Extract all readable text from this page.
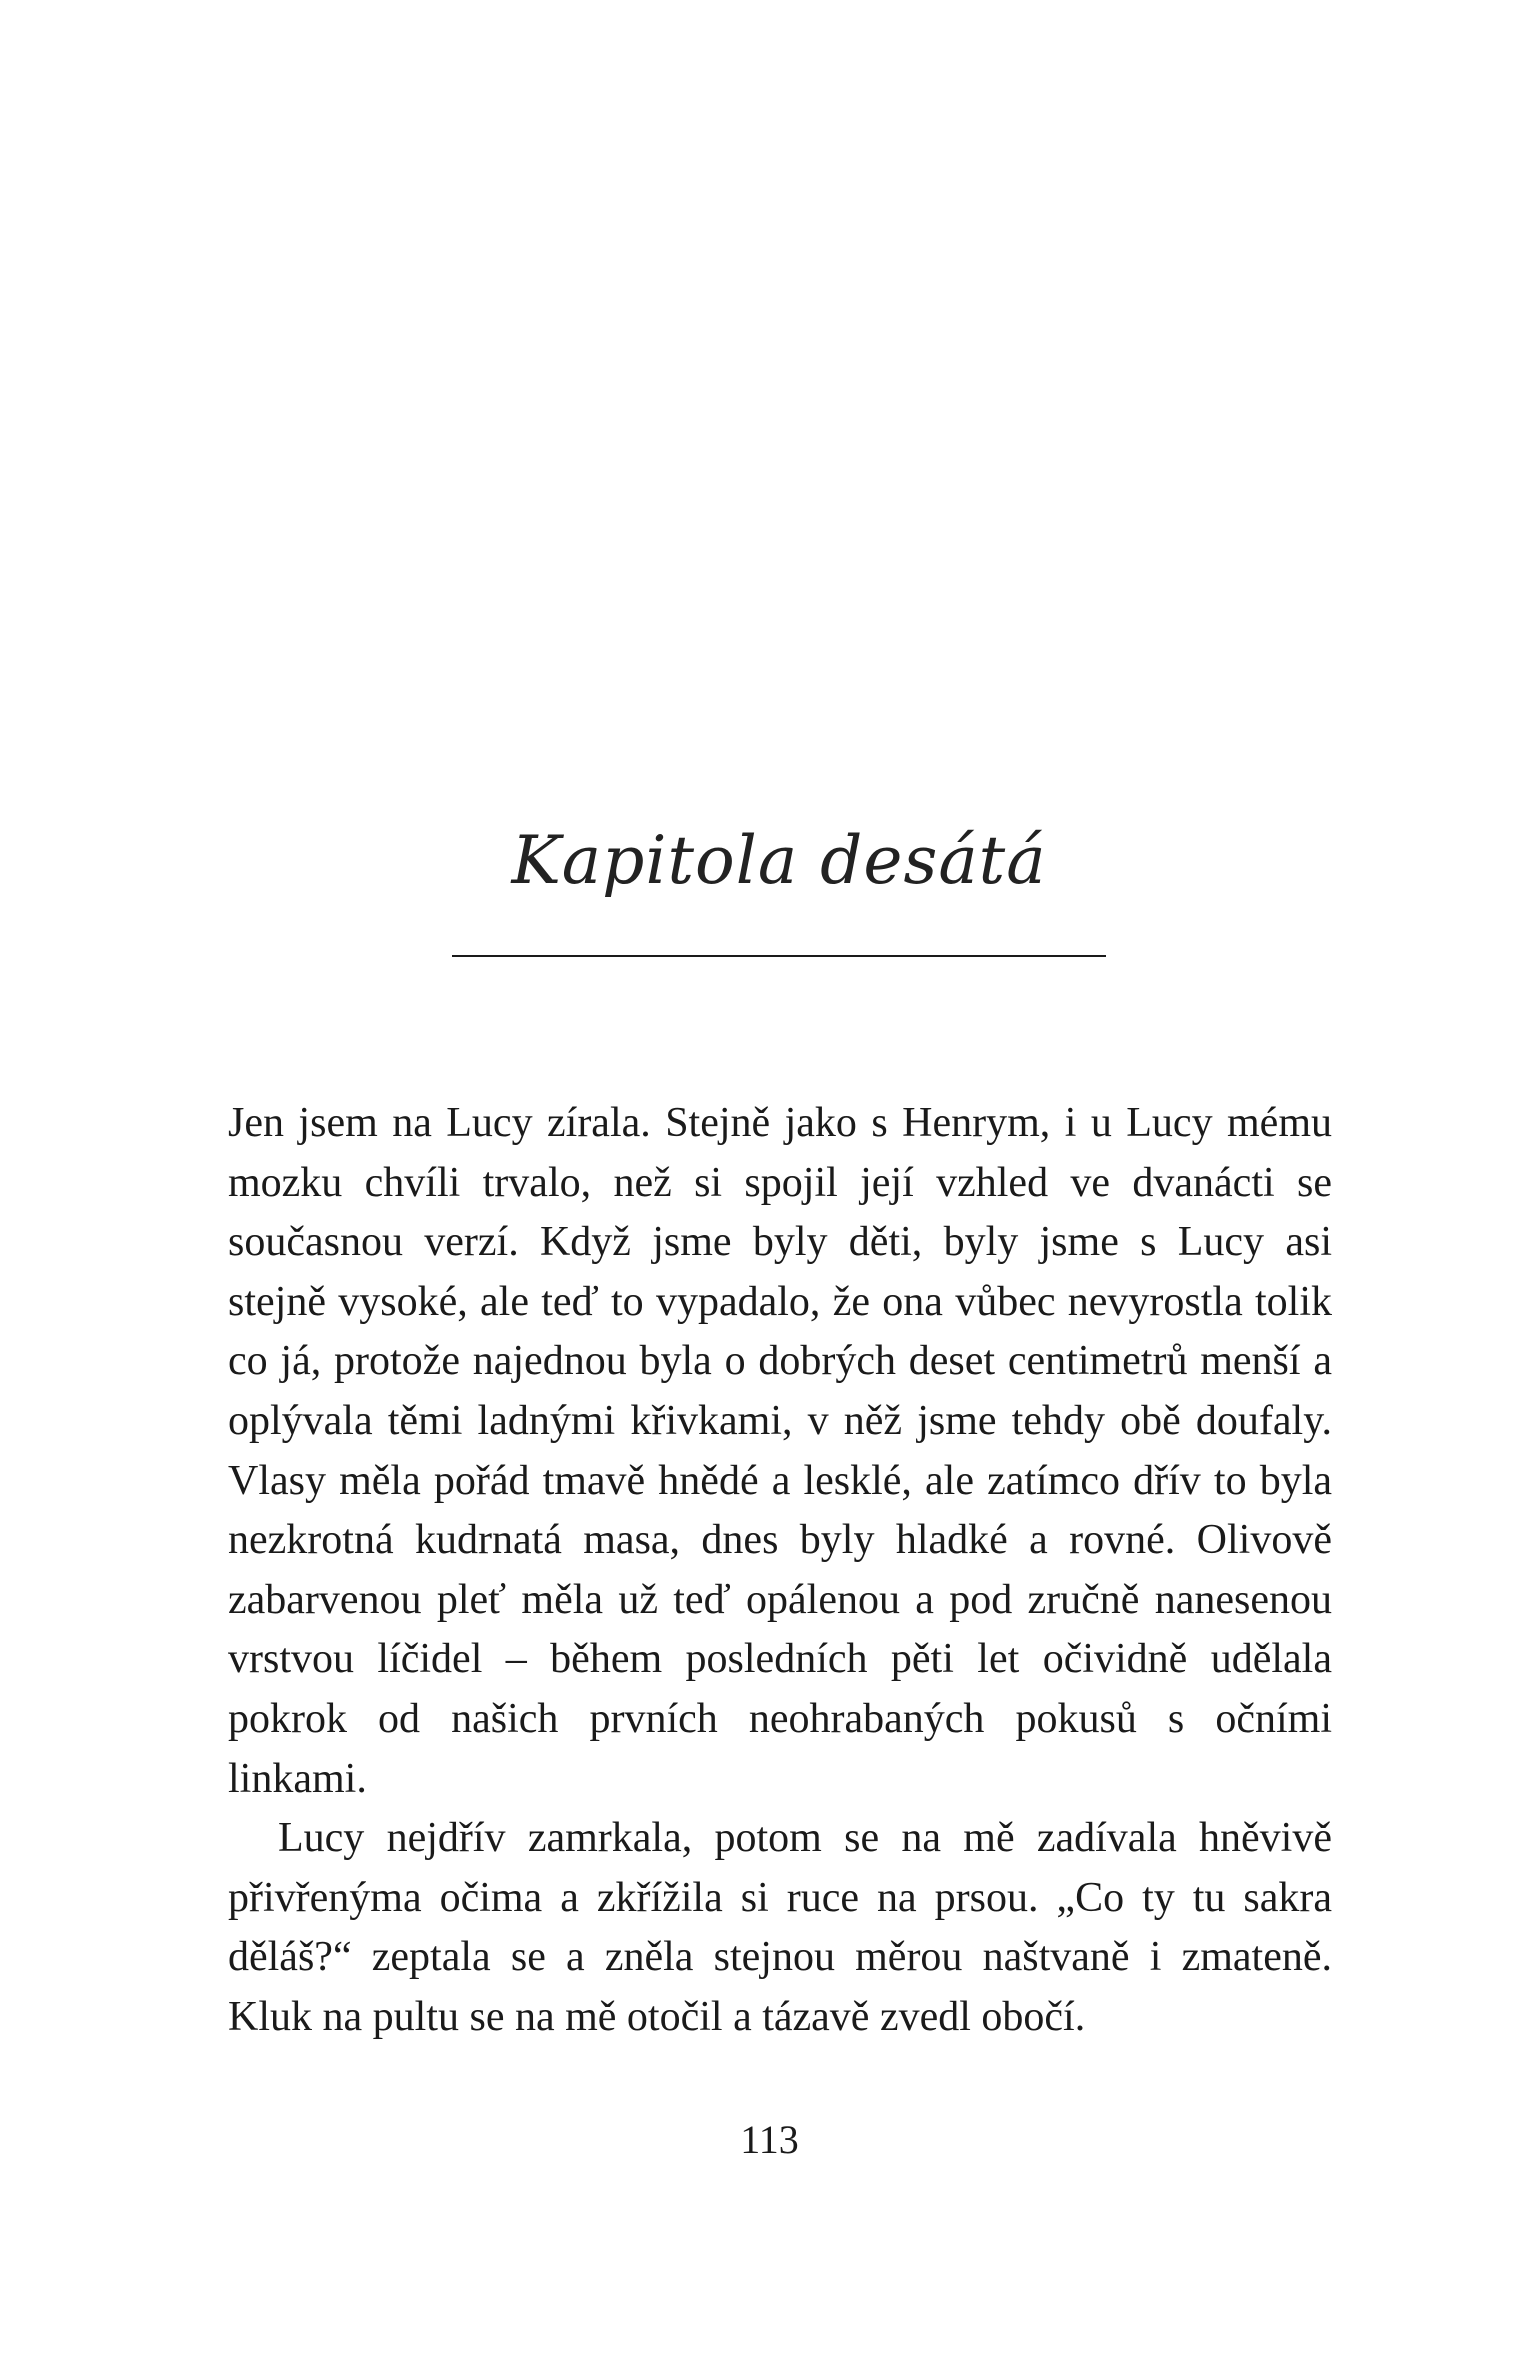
Kapitola desátá

Jen jsem na Lucy zírala. Stejně jako s Henrym, i u Lucy mému mozku chvíli trvalo, než si spojil její vzhled ve dvanácti se současnou verzí. Když jsme byly děti, byly jsme s Lucy asi stejně vysoké, ale teď to vypadalo, že ona vůbec nevyrostla tolik co já, protože najednou byla o dobrých deset centimetrů menší a oplývala těmi ladnými křivkami, v něž jsme tehdy obě doufaly. Vlasy měla pořád tmavě hnědé a lesklé, ale zatímco dřív to byla nezkrotná kudrnatá masa, dnes byly hladké a rovné. Olivově zabarvenou pleť měla už teď opálenou a pod zručně nanesenou vrstvou líčidel – během posledních pěti let očividně udělala pokrok od našich prvních neohrabaných pokusů s očními linkami.

Lucy nejdřív zamrkala, potom se na mě zadívala hněvivě přivřenýma očima a zkřížila si ruce na prsou. „Co ty tu sakra děláš?“ zeptala se a zněla stejnou měrou naštvaně i zmateně. Kluk na pultu se na mě otočil a tázavě zvedl obočí.

113
